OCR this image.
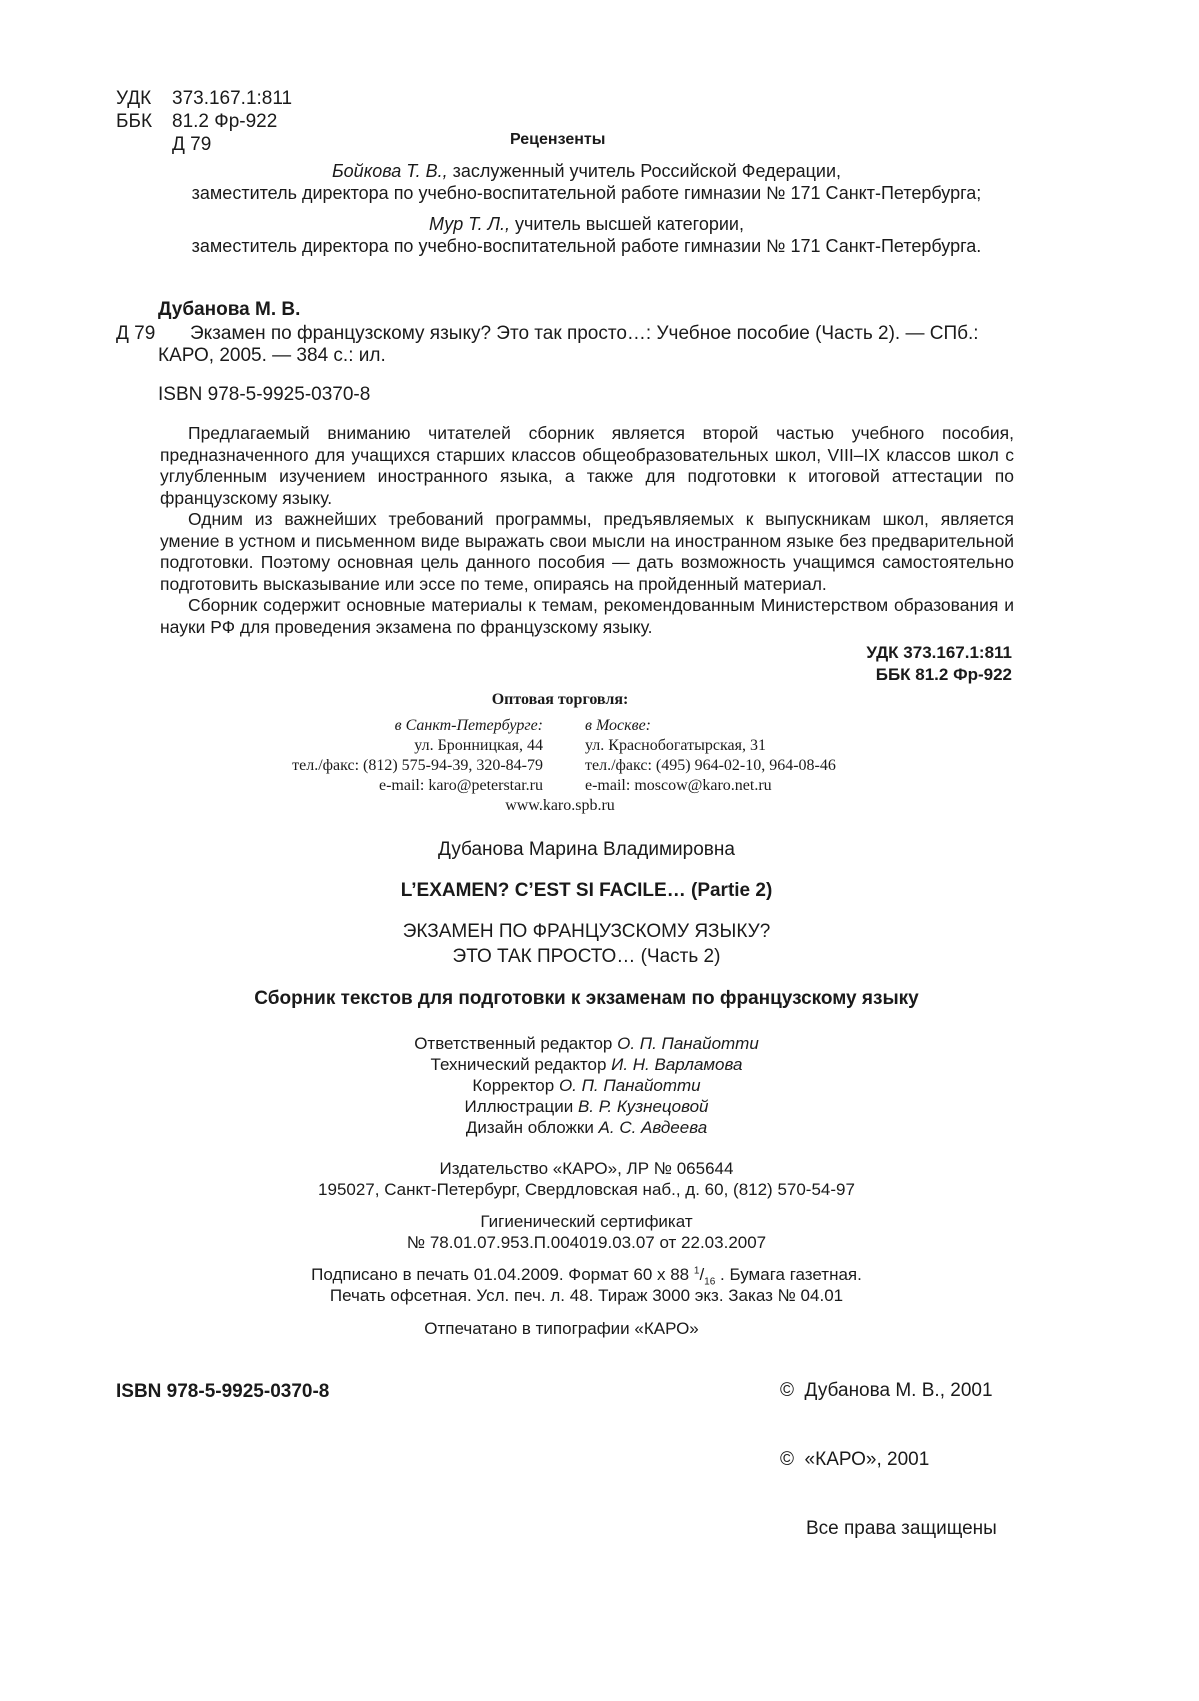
УДК 373.167.1:811
ББК 81.2 Фр-922
Д 79	Рецензенты
Бойкова Т. В., заслуженный учитель Российской Федерации,
заместитель директора по учебно-воспитательной работе гимназии № 171 Санкт-Петербурга;
Мур Т. Л., учитель высшей категории,
заместитель директора по учебно-воспитательной работе гимназии № 171 Санкт-Петербурга.
Дубанова М. В.
Д 79 Экзамен по французскому языку? Это так просто…: Учебное пособие (Часть 2). — СПб.:
КАРО, 2005. — 384 с.: ил.
ISBN 978-5-9925-0370-8

Предлагаемый вниманию читателей сборник является второй частью учебного пособия, предназначенного для учащихся старших классов общеобразовательных школ, VIII–IX классов школ с углубленным изучением иностранного языка, а также для подготовки к итоговой аттестации по французскому языку.

Одним из важнейших требований программы, предъявляемых к выпускникам школ, является умение в устном и письменном виде выражать свои мысли на иностранном языке без предварительной подготовки. Поэтому основная цель данного пособия — дать возможность учащимся самостоятельно подготовить высказывание или эссе по теме, опираясь на пройденный материал.

Сборник содержит основные материалы к темам, рекомендованным Министерством образования и науки РФ для проведения экзамена по французскому языку.

УДК 373.167.1:811
ББК 81.2 Фр-922
Оптовая торговля:
в Санкт-Петербурге:
ул. Бронницкая, 44
тел./факс: (812) 575-94-39, 320-84-79
e-mail: karo@peterstar.ru
в Москве:
ул. Краснобогатырская, 31
тел./факс: (495) 964-02-10, 964-08-46
e-mail: moscow@karo.net.ru
www.karo.spb.ru
Дубанова Марина Владимировна
L’EXAMEN? C’EST SI FACILE… (Partie 2)
ЭКЗАМЕН ПО ФРАНЦУЗСКОМУ ЯЗЫКУ?
ЭТО ТАК ПРОСТО… (Часть 2)
Сборник текстов для подготовки к экзаменам по французскому языку
Ответственный редактор О. П. Панайотти
Технический редактор И. Н. Варламова
Корректор О. П. Панайотти
Иллюстрации В. Р. Кузнецовой
Дизайн обложки А. С. Авдеева
Издательство «КАРО», ЛР № 065644
195027, Санкт-Петербург, Свердловская наб., д. 60, (812) 570-54-97
Гигиенический сертификат
№ 78.01.07.953.П.004019.03.07 от 22.03.2007
Подписано в печать 01.04.2009. Формат 60 x 88 $^1/_{16}$ . Бумага газетная.
Печать офсетная. Усл. печ. л. 48. Тираж 3000 экз. Заказ № 04.01
Отпечатано в типографии «КАРО»

©  Дубанова М. В., 2001

©  «КАРО», 2001

Все права защищены

ISBN 978-5-9925-0370-8
